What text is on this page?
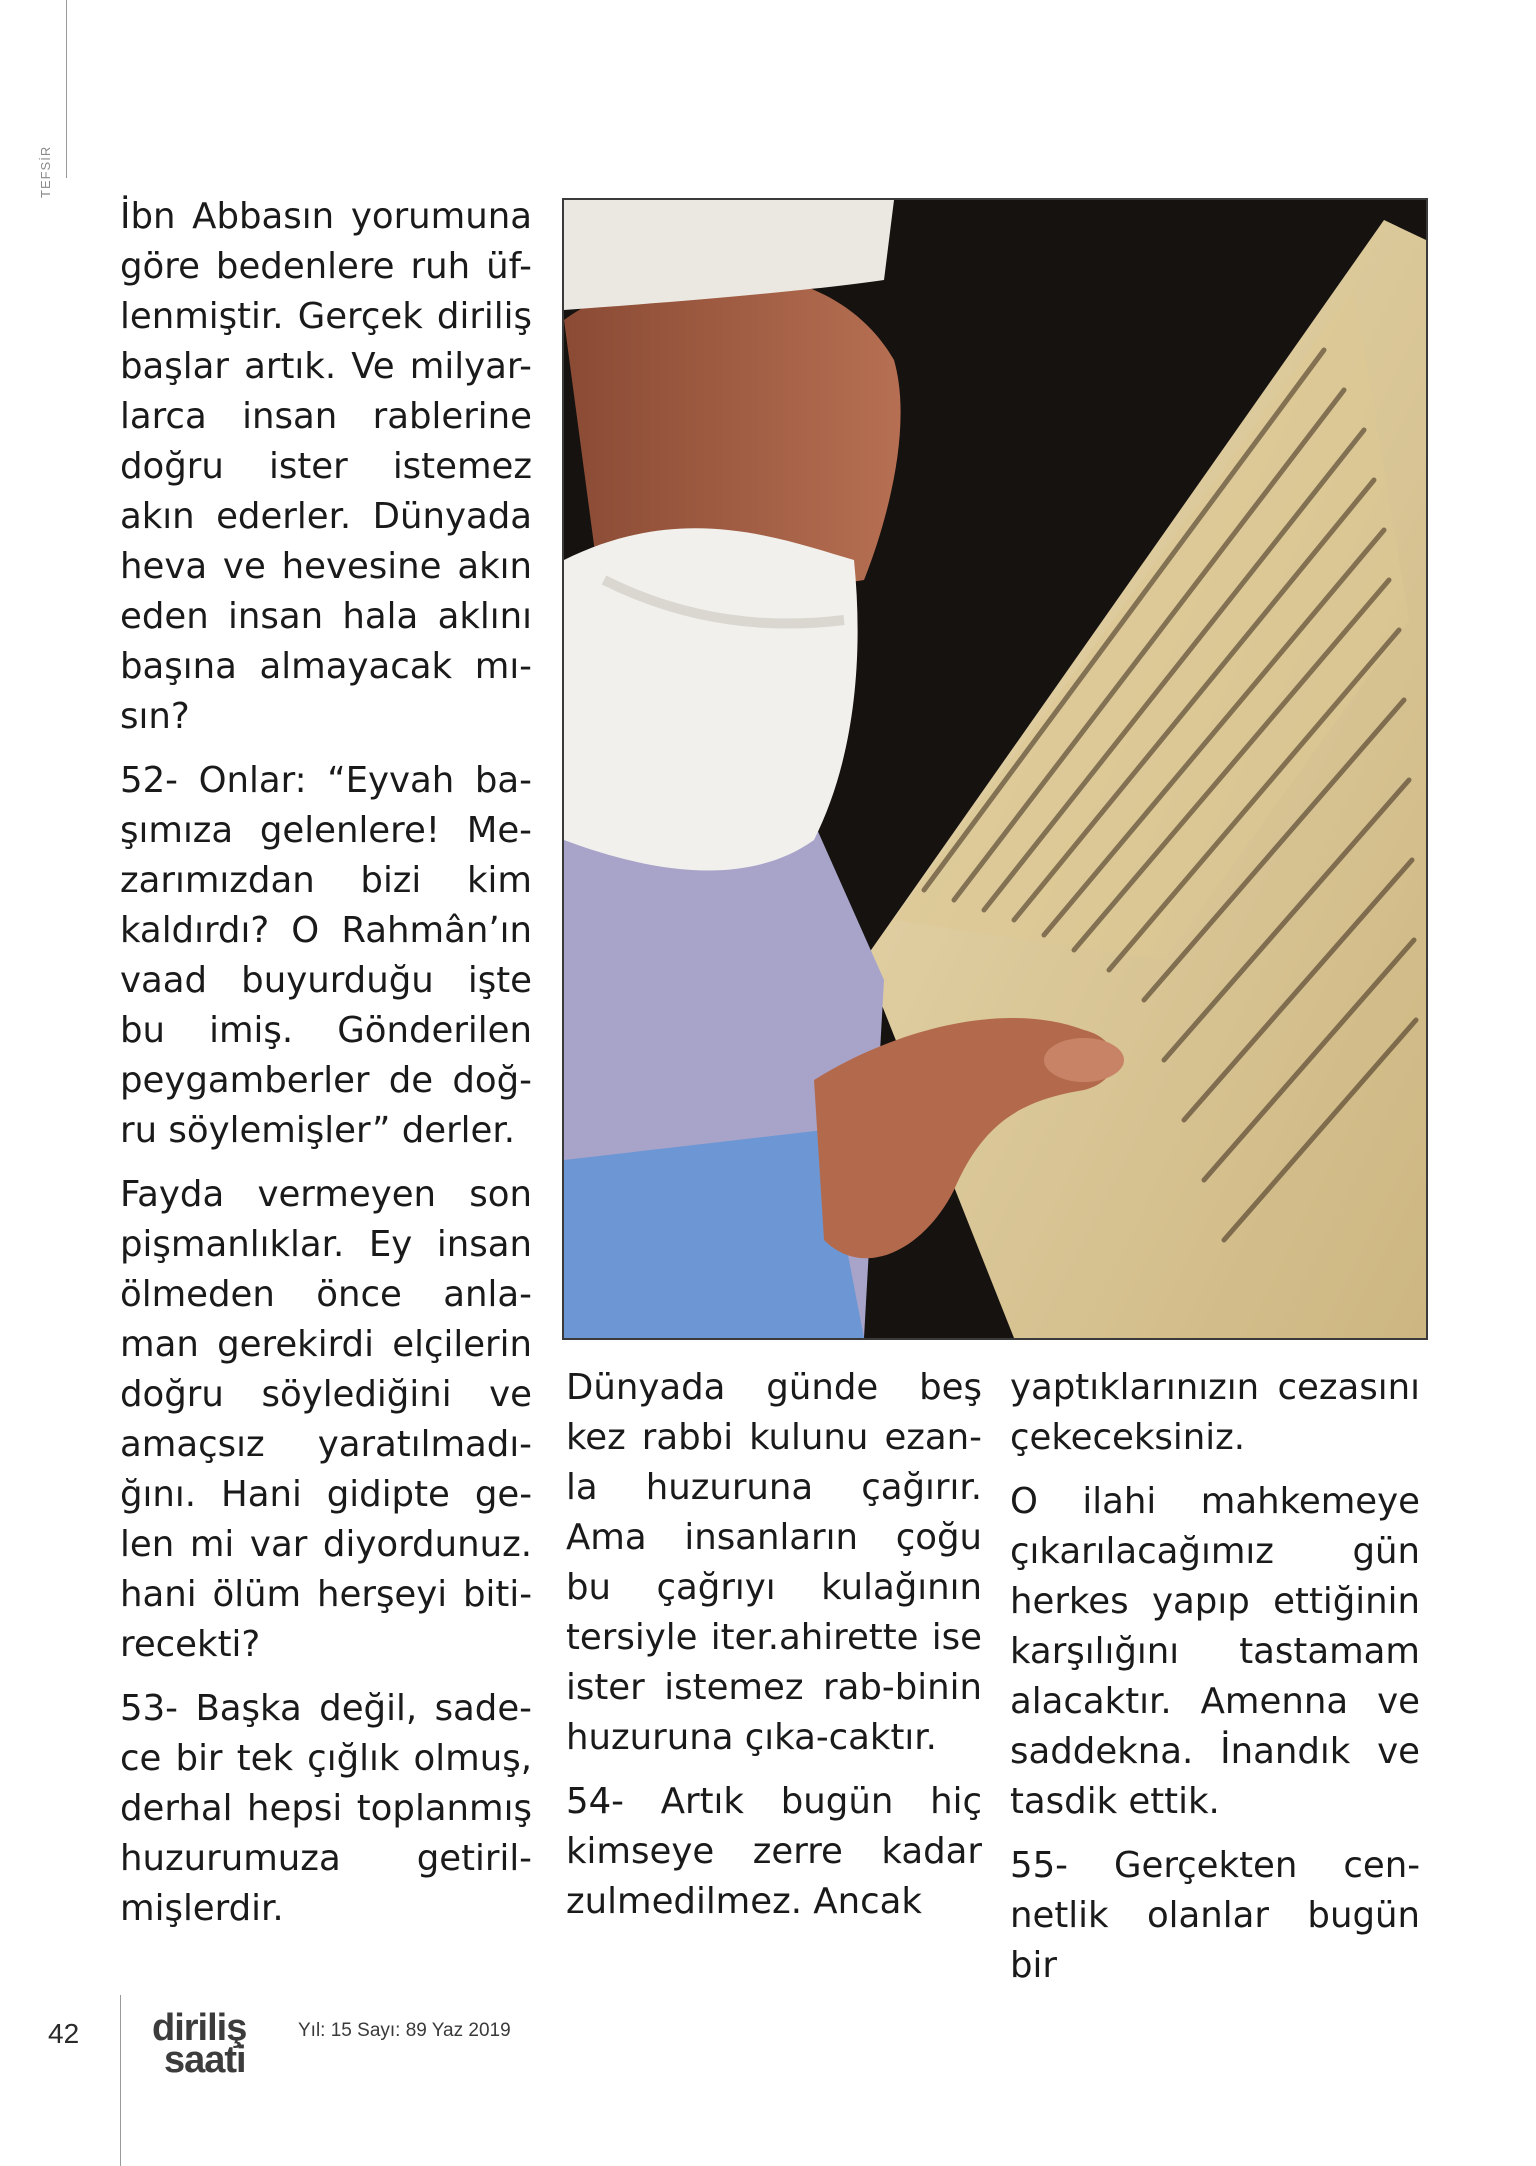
TEFSİR

İbn Abbasın yorumuna göre bedenlere ruh üf-lenmiştir. Gerçek diriliş başlar artık. Ve milyar-larca insan rablerine doğru ister istemez akın ederler. Dünyada heva ve hevesine akın eden insan hala aklını başına almayacak mı-sın?

52- Onlar: “Eyvah ba-şımıza gelenlere! Me-zarımızdan bizi kim kaldırdı? O Rahmân’ın vaad buyurduğu işte bu imiş. Gönderilen peygamberler de doğ-ru söylemişler” derler.

Fayda vermeyen son pişmanlıklar. Ey insan ölmeden önce anla-man gerekirdi elçilerin doğru söylediğini ve amaçsız yaratılmadı-ğını. Hani gidipte ge-len mi var diyordunuz. hani ölüm herşeyi biti-recekti?

53- Başka değil, sade-ce bir tek çığlık olmuş, derhal hepsi toplanmış huzurumuza getiril-mişlerdir.

Dünyada günde beş kez rabbi kulunu ezan-la huzuruna çağırır. Ama insanların çoğu bu çağrıyı kulağının tersiyle iter.ahirette ise ister istemez rab-binin huzuruna çıka-caktır.

54- Artık bugün hiç kimseye zerre kadar zulmedilmez. Ancak

yaptıklarınızın cezasını çekeceksiniz.

O ilahi mahkemeye çıkarılacağımız gün herkes yapıp ettiğinin karşılığını tastamam alacaktır. Amenna ve saddekna. İnandık ve tasdik ettik.

55- Gerçekten cen-netlik olanlar bugün bir

42 diriliş
saati
Yıl: 15 Sayı: 89 Yaz 2019
